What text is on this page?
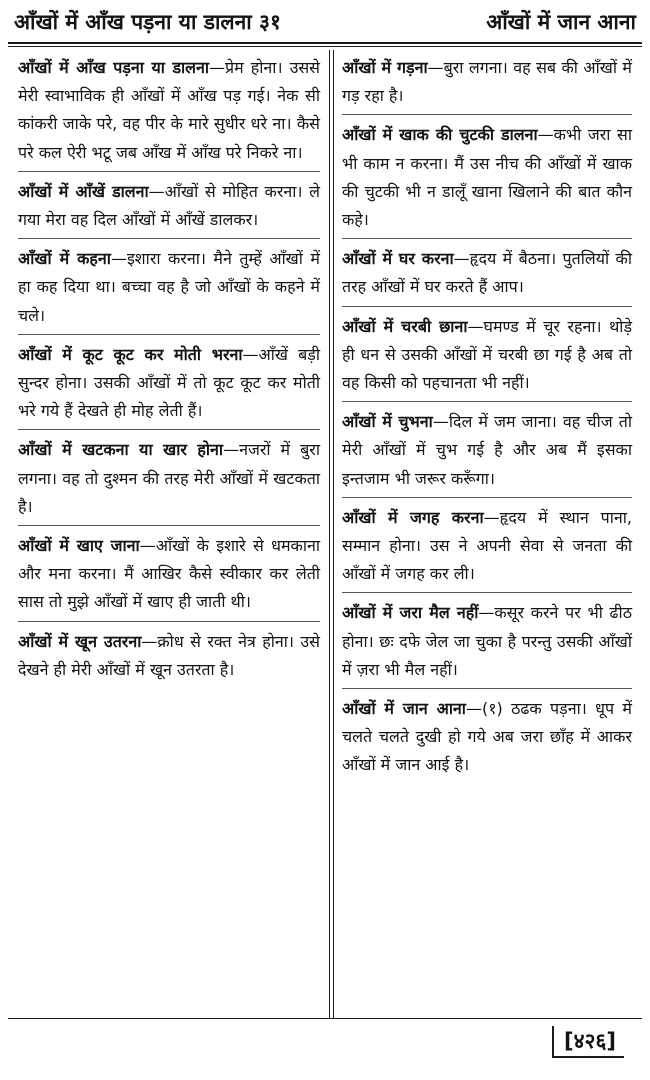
आँखों में आँख पड़ना या डालना ३१	आँखों में जान आना

आँखों में आँख पड़ना या डालना—प्रेम होना। उससे मेरी स्वाभाविक ही आँखों में आँख पड़ गई। नेक सी कांकरी जाके परे, वह पीर के मारे सुधीर धरे ना। कैसे परे कल ऐरी भटू जब आँख में आँख परे निकरे ना।

आँखों में आँखें डालना—आँखों से मोहित करना। ले गया मेरा वह दिल आँखों में आँखें डालकर।

आँखों में कहना—इशारा करना। मैने तुम्हें आँखों में हा कह दिया था। बच्चा वह है जो आँखों के कहने में चले।

आँखों में कूट कूट कर मोती भरना—आँखें बड़ी सुन्दर होना। उसकी आँखों में तो कूट कूट कर मोती भरे गये हैं देखते ही मोह लेती हैं।

आँखों में खटकना या खार होना—नजरों में बुरा लगना। वह तो दुश्मन की तरह मेरी आँखों में खटकता है।

आँखों में खाए जाना—आँखों के इशारे से धमकाना और मना करना। मैं आखिर कैसे स्वीकार कर लेती सास तो मुझे आँखों में खाए ही जाती थी।

आँखों में खून उतरना—क्रोध से रक्त नेत्र होना। उसे देखने ही मेरी आँखों में खून उतरता है।

आँखों में गड़ना—बुरा लगना। वह सब की आँखों में गड़ रहा है।

आँखों में खाक की चुटकी डालना—कभी जरा सा भी काम न करना। मैं उस नीच की आँखों में खाक की चुटकी भी न डालूँ खाना खिलाने की बात कौन कहे।

आँखों में घर करना—हृदय में बैठना। पुतलियों की तरह आँखों में घर करते हैं आप।

आँखों में चरबी छाना—घमण्ड में चूर रहना। थोड़े ही धन से उसकी आँखों में चरबी छा गई है अब तो वह किसी को पहचानता भी नहीं।

आँखों में चुभना—दिल में जम जाना। वह चीज तो मेरी आँखों में चुभ गई है और अब मैं इसका इन्तजाम भी जरूर करूँगा।

आँखों में जगह करना—हृदय में स्थान पाना, सम्मान होना। उस ने अपनी सेवा से जनता की आँखों में जगह कर ली।

आँखों में जरा मैल नहीं—कसूर करने पर भी ढीठ होना। छः दफे जेल जा चुका है परन्तु उसकी आँखों में ज़रा भी मैल नहीं।

आँखों में जान आना—(१) ठढक पड़ना। धूप में चलते चलते दुखी हो गये अब जरा छाँह में आकर आँखों में जान आई है।

[४२६]
